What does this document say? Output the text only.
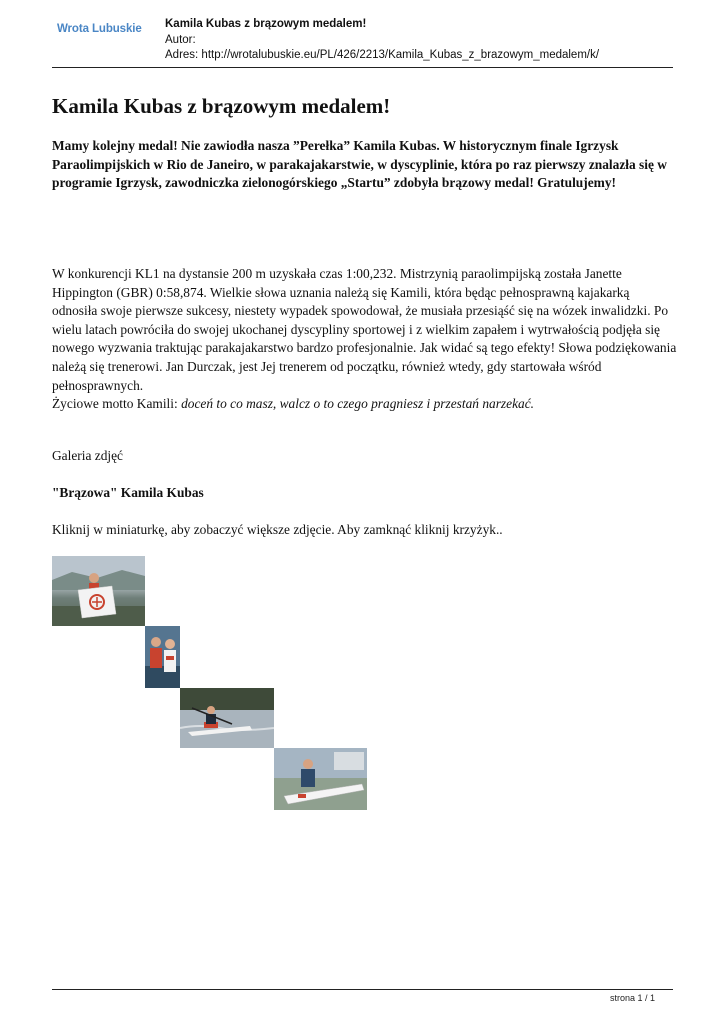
Wrota Lubuskie Kamila Kubas z brązowym medalem!
Autor:
Adres: http://wrotalubuskie.eu/PL/426/2213/Kamila_Kubas_z_brazowym_medalem/k/
Kamila Kubas z brązowym medalem!
Mamy kolejny medal! Nie zawiodła nasza ”Perełka” Kamila Kubas. W historycznym finale Igrzysk Paraolimpijskich w Rio de Janeiro, w parakajakarstwie, w dyscyplinie, która po raz pierwszy znalazła się w programie Igrzysk, zawodniczka zielonogórskiego „Startu” zdobyła brązowy medal! Gratulujemy!

W konkurencji KL1 na dystansie 200 m uzyskała czas 1:00,232. Mistrzynią paraolimpijską została Janette Hippington (GBR) 0:58,874. Wielkie słowa uznania należą się Kamili, która będąc pełnosprawną kajakarką odnosiła swoje pierwsze sukcesy, niestety wypadek spowodował, że musiała przesiąść się na wózek inwalidzki. Po wielu latach powróciła do swojej ukochanej dyscypliny sportowej i z wielkim zapałem i wytrwałością podjęła się nowego wyzwania traktując parakajakarstwo bardzo profesjonalnie. Jak widać są tego efekty! Słowa podziękowania należą się trenerowi. Jan Durczak, jest Jej trenerem od początku, również wtedy, gdy startowała wśród pełnosprawnych.

Życiowe motto Kamili: doceń to co masz, walcz o to czego pragniesz i przestań narzekać.

Galeria zdjęć
"Brązowa" Kamila Kubas
Kliknij w miniaturkę, aby zobaczyć większe zdjęcie. Aby zamknąć kliknij krzyżyk..
strona 1 / 1
